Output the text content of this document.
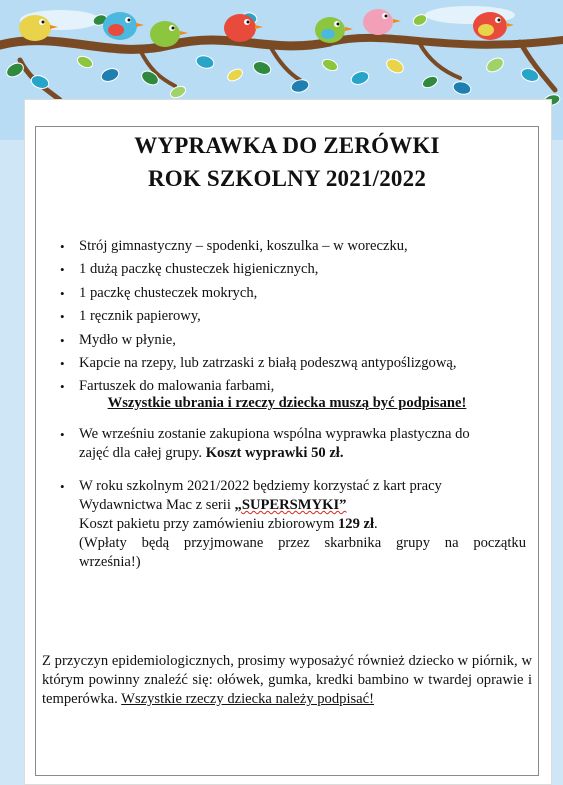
WYPRAWKA DO ZERÓWKI
ROK SZKOLNY 2021/2022
• Strój gimnastyczny – spodenki, koszulka – w woreczku,
• 1 dużą paczkę chusteczek higienicznych,
• 1 paczkę chusteczek mokrych,
• 1 ręcznik papierowy,
• Mydło w płynie,
• Kapcie na rzepy, lub zatrzaski z białą podeszwą antypoślizgową,
• Fartuszek do malowania farbami,
Wszystkie ubrania i rzeczy dziecka muszą być podpisane!
• We wrześniu zostanie zakupiona wspólna wyprawka plastyczna do
zajęć dla całej grupy. Koszt wyprawki 50 zł.
• W roku szkolnym 2021/2022 będziemy korzystać z kart pracy
Wydawnictwa Mac z serii „SUPERSMYKI”
Koszt pakietu przy zamówieniu zbiorowym 129 zł.
(Wpłaty będą przyjmowane przez skarbnika grupy na początku
września!)
Z przyczyn epidemiologicznych, prosimy wyposażyć również dziecko w piórnik, w którym powinny znaleźć się: ołówek, gumka, kredki bambino w twardej oprawie i temperówka. Wszystkie rzeczy dziecka należy podpisać!
